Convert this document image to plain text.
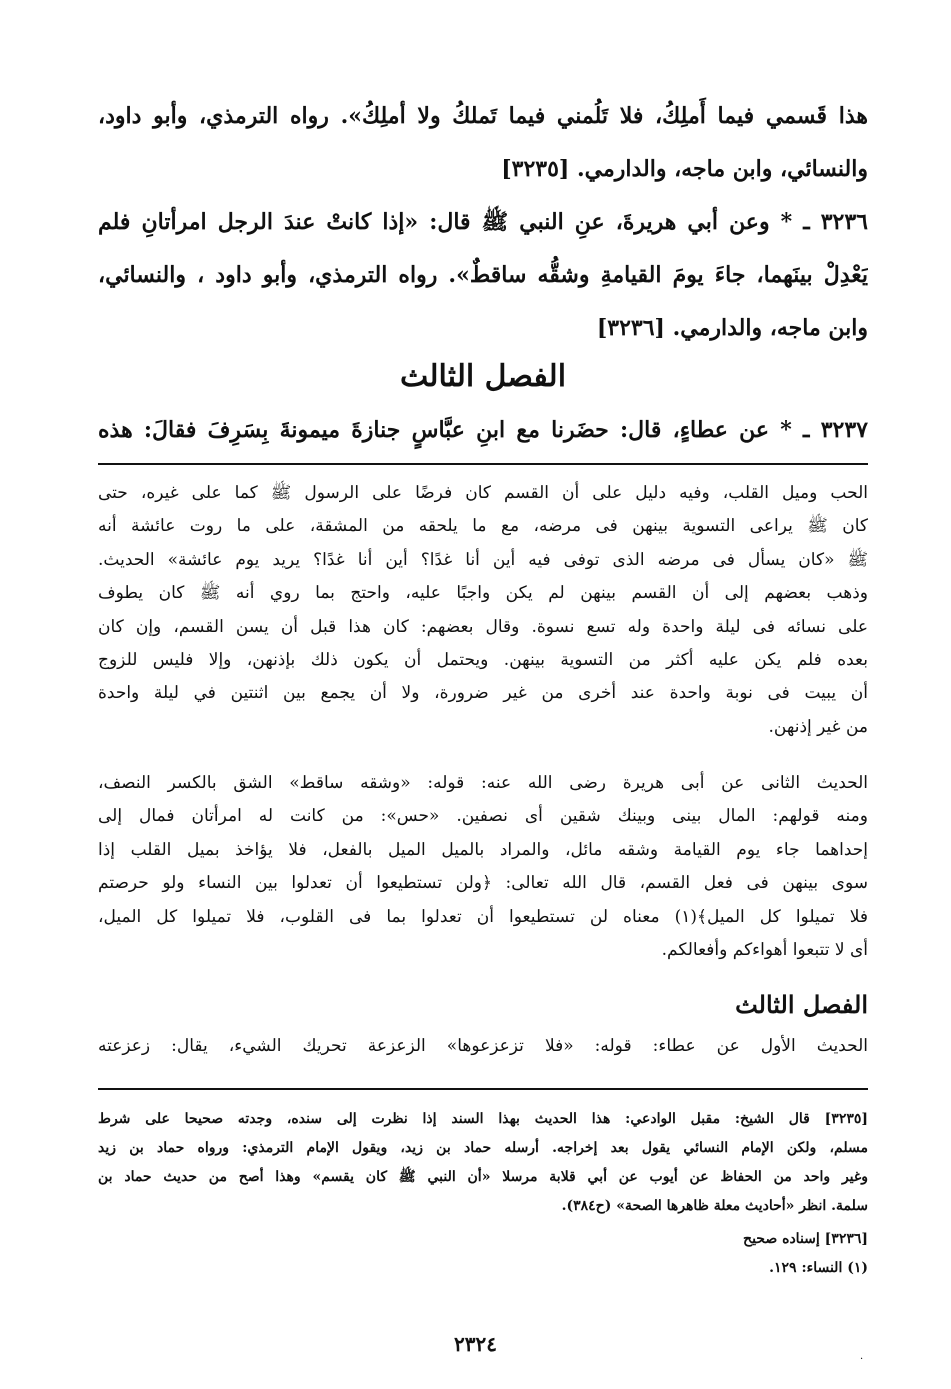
هذا قَسمي فيما أَملِكُ، فلا تَلُمني فيما تَملكُ ولا أملِكُ». رواه الترمذي، وأبو داود،
والنسائي، وابن ماجه، والدارمي. [٣٢٣٥]
٣٢٣٦ ـ * وعن أبي هريرةَ، عنِ النبي ﷺ قال: «إذا كانتْ عندَ الرجل امرأتانِ فلم
يَعْدِلْ بينَهما، جاءَ يومَ القيامةِ وشقُّه ساقطٌ». رواه الترمذي، وأبو داود ، والنسائي،
وابن ماجه، والدارمي. [٣٢٣٦]
الفصل الثالث
٣٢٣٧ ـ * عن عطاءٍ، قال: حضَرنا مع ابنِ عبَّاسٍ جنازةَ ميمونةَ بِسَرِفَ فقالَ: هذه
الحب وميل القلب، وفيه دليل على أن القسم كان فرضًا على الرسول ﷺ كما على غيره، حتى
كان ﷺ يراعى التسوية بينهن فى مرضه، مع ما يلحقه من المشقة، على ما روت عائشة أنه
ﷺ «كان يسأل فى مرضه الذى توفى فيه أين أنا غدًا؟ أين أنا غدًا؟ يريد يوم عائشة» الحديث.
وذهب بعضهم إلى أن القسم بينهن لم يكن واجبًا عليه، واحتج بما روي أنه ﷺ كان يطوف
على نسائه فى ليلة واحدة وله تسع نسوة. وقال بعضهم: كان هذا قبل أن يسن القسم، وإن كان
بعده فلم يكن عليه أكثر من التسوية بينهن. ويحتمل أن يكون ذلك بإذنهن، وإلا فليس للزوج
أن يبيت فى نوبة واحدة عند أخرى من غير ضرورة، ولا أن يجمع بين اثنتين في ليلة واحدة
من غير إذنهن.
الحديث الثانى عن أبى هريرة رضى الله عنه: قوله: «وشقه ساقط» الشق بالكسر النصف،
ومنه قولهم: المال بينى وبينك شقين أى نصفين. «حس»: من كانت له امرأتان فمال إلى
إحداهما جاء يوم القيامة وشقه مائل، والمراد بالميل الميل بالفعل، فلا يؤاخذ بميل القلب إذا
سوى بينهن فى فعل القسم، قال الله تعالى: ﴿ولن تستطيعوا أن تعدلوا بين النساء ولو حرصتم
فلا تميلوا كل الميل﴾(١) معناه لن تستطيعوا أن تعدلوا بما فى القلوب، فلا تميلوا كل الميل،
أى لا تتبعوا أهواءكم وأفعالكم.
الفصل الثالث
الحديث الأول عن عطاء: قوله: «فلا تزعزعوها» الزعزعة تحريك الشيء، يقال: زعزعته
[٣٢٣٥] قال الشيخ: مقبل الوادعي: هذا الحديث بهذا السند إذا نظرت إلى سنده، وجدته صحيحا على شرط
مسلم، ولكن الإمام النسائي يقول بعد إخراجه. أرسله حماد بن زيد، ويقول الإمام الترمذي: ورواه حماد بن زيد
وغير واحد من الحفاظ عن أيوب عن أبي قلابة مرسلا «أن النبي ﷺ كان يقسم» وهذا أصح من حديث حماد بن
سلمة. انظر «أحاديث معلة ظاهرها الصحة» (ح٣٨٤).
[٣٢٣٦] إسناده صحيح
(١) النساء: ١٢٩.
٢٣٢٤
·
